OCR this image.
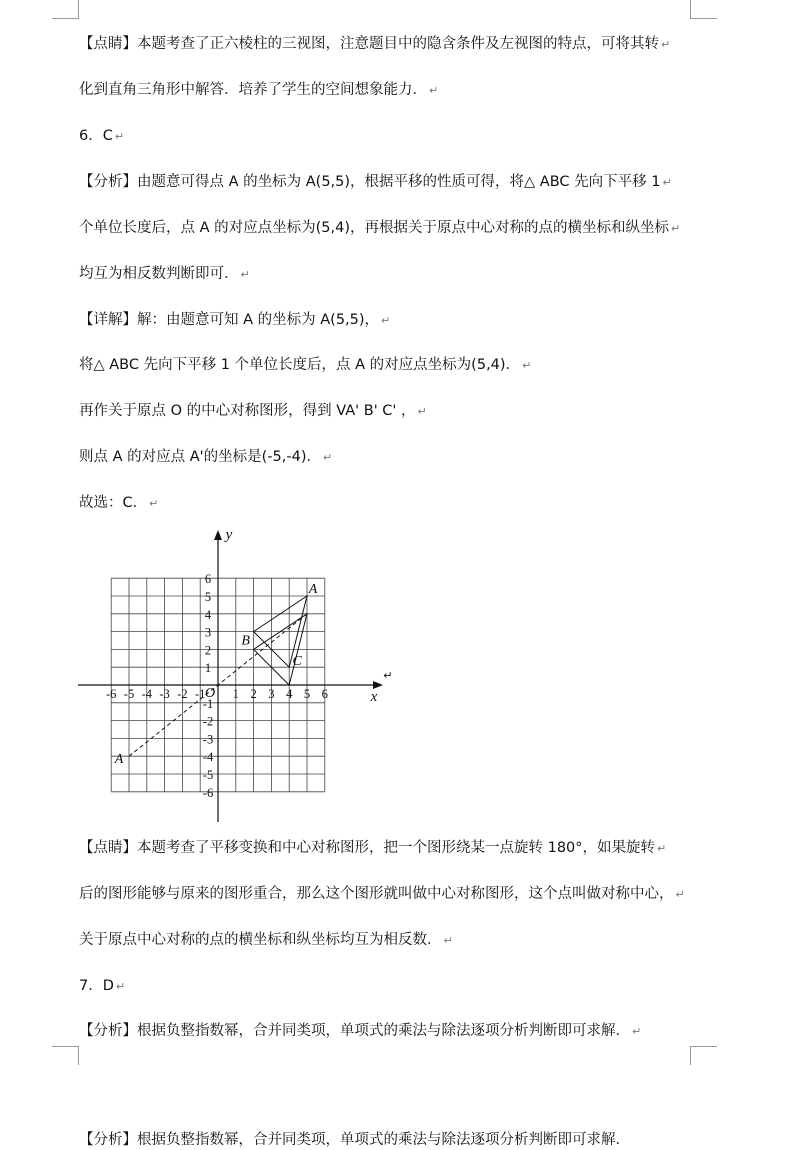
【点睛】本题考查了正六棱柱的三视图，注意题目中的隐含条件及左视图的特点，可将其转 ↵
化到直角三角形中解答．培养了学生的空间想象能力． ↵
6．C ↵
【分析】由题意可得点 A 的坐标为 A(5,5)，根据平移的性质可得，将△ ABC 先向下平移 1 ↵
个单位长度后，点 A 的对应点坐标为(5,4)，再根据关于原点中心对称的点的横坐标和纵坐标 ↵
均互为相反数判断即可． ↵
【详解】解：由题意可知 A 的坐标为 A(5,5)， ↵
将△ ABC 先向下平移 1 个单位长度后，点 A 的对应点坐标为(5,4)． ↵
再作关于原点 O 的中心对称图形，得到 VA' B' C' ， ↵
则点 A 的对应点 A'的坐标是(-5,-4)． ↵
故选：C． ↵
【点睛】本题考查了平移变换和中心对称图形，把一个图形绕某一点旋转 180°，如果旋转 ↵
后的图形能够与原来的图形重合，那么这个图形就叫做中心对称图形，这个点叫做对称中心， ↵
关于原点中心对称的点的横坐标和纵坐标均互为相反数． ↵
7．D ↵
【分析】根据负整指数幂，合并同类项，单项式的乘法与除法逐项分析判断即可求解． ↵
x
y
O
-6 -5 -4 -3 -2 -1 1 2 3 4 5 6
6
5
4
3
2
1
-1
-2
-3
-4
-5
-6
A
B
C
A
↵
【分析】根据负整指数幂，合并同类项，单项式的乘法与除法逐项分析判断即可求解．
